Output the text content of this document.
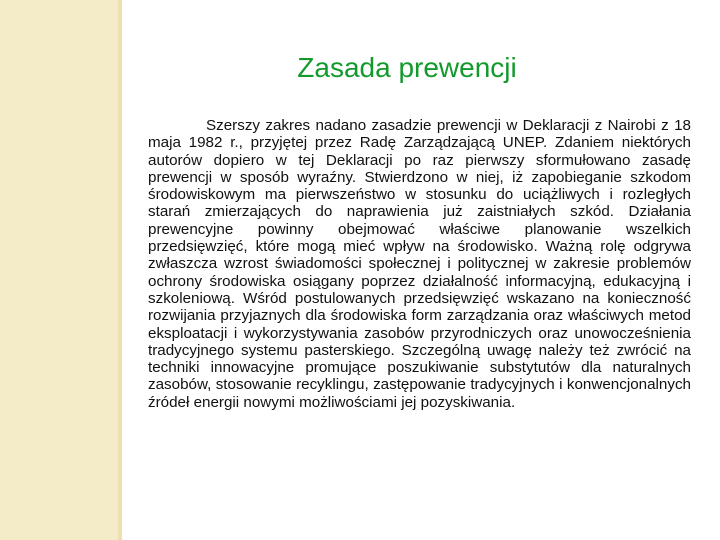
Zasada prewencji

Szerszy zakres nadano zasadzie prewencji w Deklaracji z Nairobi z 18 maja 1982 r., przyjętej przez Radę Zarządzającą UNEP. Zdaniem niektórych autorów dopiero w tej Deklaracji po raz pierwszy sformułowano zasadę prewencji w sposób wyraźny. Stwierdzono w niej, iż zapobieganie szkodom środowiskowym ma pierwszeństwo w stosunku do uciążliwych i rozległych starań zmierzających do naprawienia już zaistniałych szkód. Działania prewencyjne powinny obejmować właściwe planowanie wszelkich przedsięwzięć, które mogą mieć wpływ na środowisko. Ważną rolę odgrywa zwłaszcza wzrost świadomości społecznej i politycznej w zakresie problemów ochrony środowiska osiągany poprzez działalność informacyjną, edukacyjną i szkoleniową. Wśród postulowanych przedsięwzięć wskazano na konieczność rozwijania przyjaznych dla środowiska form zarządzania oraz właściwych metod eksploatacji i wykorzystywania zasobów przyrodniczych oraz unowocześnienia tradycyjnego systemu pasterskiego. Szczególną uwagę należy też zwrócić na techniki innowacyjne promujące poszukiwanie substytutów dla naturalnych zasobów, stosowanie recyklingu, zastępowanie tradycyjnych i konwencjonalnych źródeł energii nowymi możliwościami jej pozyskiwania.
